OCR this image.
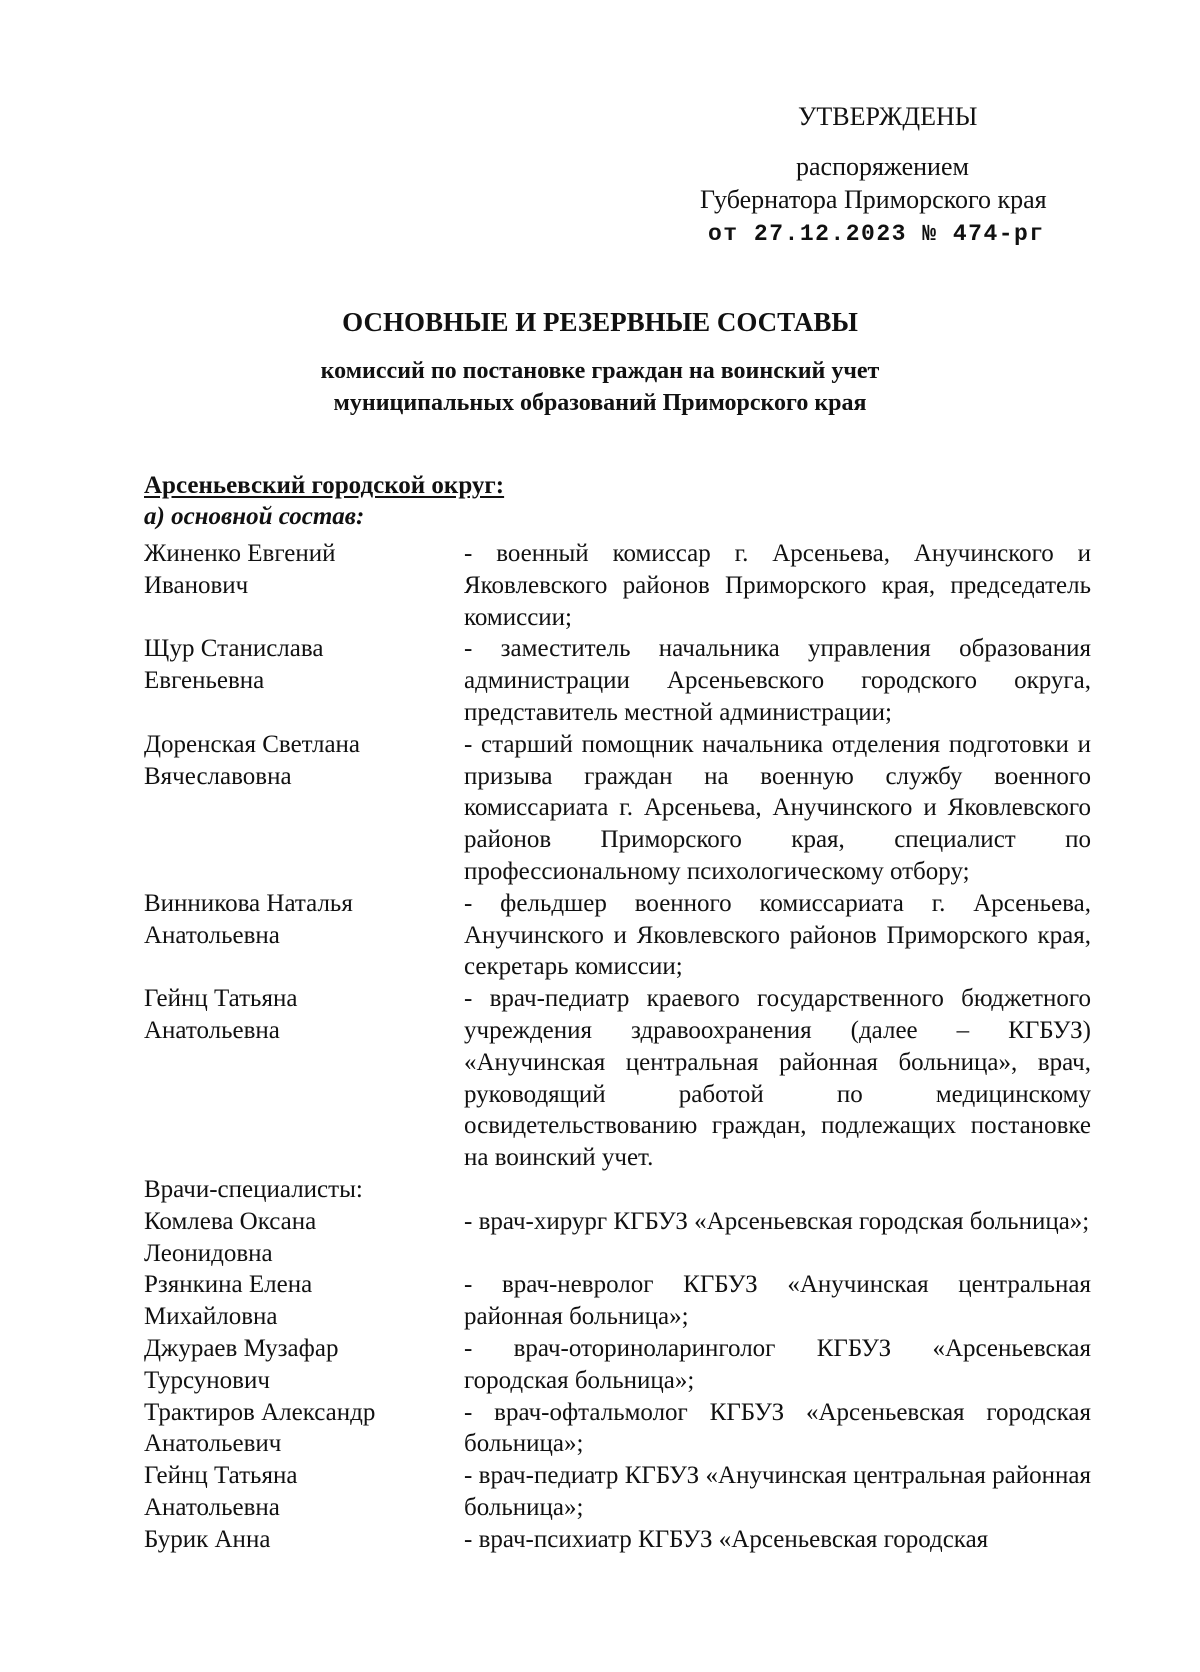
УТВЕРЖДЕНЫ
распоряжением
Губернатора Приморского края
от 27.12.2023 № 474-рг
ОСНОВНЫЕ И РЕЗЕРВНЫЕ СОСТАВЫ
комиссий по постановке граждан на воинский учет
муниципальных образований Приморского края
Арсеньевский городской округ:
а) основной состав:
Жиненко Евгений
Иванович
- военный комиссар г. Арсеньева, Анучинского и Яковлевского районов Приморского края, председатель комиссии;
Щур Станислава
Евгеньевна
- заместитель начальника управления образования администрации Арсеньевского городского округа, представитель местной администрации;
Доренская Светлана
Вячеславовна
- старший помощник начальника отделения подготовки и призыва граждан на военную службу военного комиссариата г. Арсеньева, Анучинского и Яковлевского районов Приморского края, специалист по профессиональному психологическому отбору;
Винникова Наталья
Анатольевна
- фельдшер военного комиссариата г. Арсеньева, Анучинского и Яковлевского районов Приморского края, секретарь комиссии;
Гейнц Татьяна
Анатольевна
- врач-педиатр краевого государственного бюджетного учреждения здравоохранения (далее – КГБУЗ) «Анучинская центральная районная больница», врач, руководящий работой по медицинскому освидетельствованию граждан, подлежащих постановке на воинский учет.
Врачи-специалисты:
Комлева Оксана
Леонидовна
- врач-хирург КГБУЗ «Арсеньевская городская больница»;
Рзянкина Елена
Михайловна
- врач-невролог КГБУЗ «Анучинская центральная районная больница»;
Джураев Музафар
Турсунович
- врач-оториноларинголог КГБУЗ «Арсеньевская городская больница»;
Трактиров Александр
Анатольевич
- врач-офтальмолог КГБУЗ «Арсеньевская городская больница»;
Гейнц Татьяна
Анатольевна
- врач-педиатр КГБУЗ «Анучинская центральная районная больница»;
Бурик Анна	- врач-психиатр КГБУЗ «Арсеньевская городская
